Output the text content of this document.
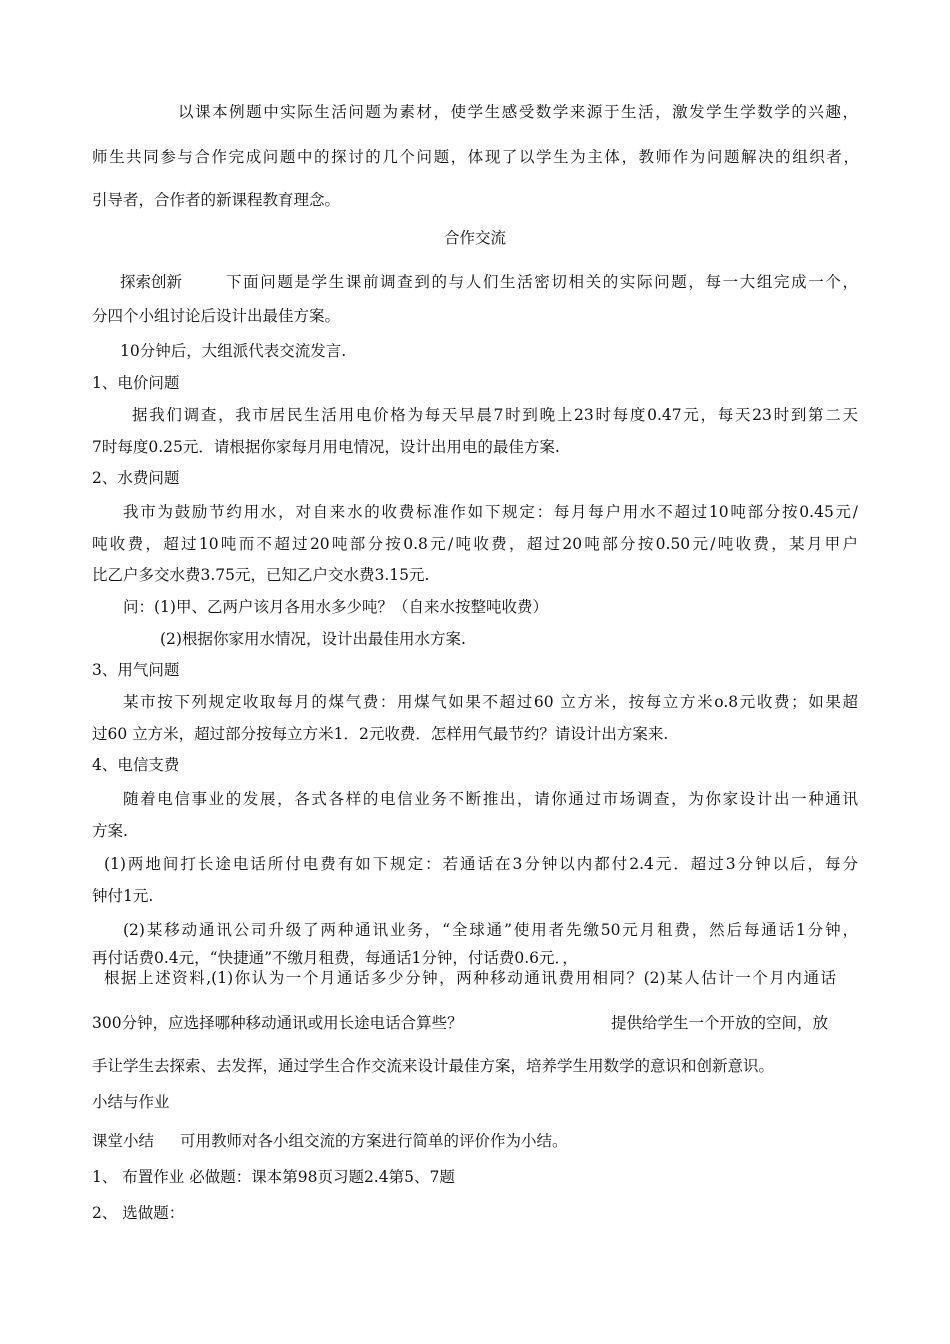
以课本例题中实际生活问题为素材，使学生感受数学来源于生活，激发学生学数学的兴趣，
师生共同参与合作完成问题中的探讨的几个问题，体现了以学生为主体，教师作为问题解决的组织者，
引导者，合作者的新课程教育理念。
合作交流
探索创新	下面问题是学生课前调查到的与人们生活密切相关的实际问题，每一大组完成一个，
分四个小组讨论后设计出最佳方案。
10分钟后，大组派代表交流发言.
1、电价问题
据我们调查，我市居民生活用电价格为每天早晨7时到晚上23时每度0.47元，每天23时到第二天
7时每度0.25元．请根据你家每月用电情况，设计出用电的最佳方案.
2、水费问题
我市为鼓励节约用水，对自来水的收费标准作如下规定：每月每户用水不超过10吨部分按0.45元/
吨收费，超过10吨而不超过20吨部分按0.8元/吨收费，超过20吨部分按0.50元/吨收费，某月甲户
比乙户多交水费3.75元，已知乙户交水费3.15元.
问：(1)甲、乙两户该月各用水多少吨？（自来水按整吨收费）
(2)根据你家用水情况，设计出最佳用水方案.
3、用气问题
某市按下列规定收取每月的煤气费：用煤气如果不超过60 立方米，按每立方米o.8元收费；如果超
过60 立方米，超过部分按每立方米1．2元收费．怎样用气最节约？请设计出方案来.
4、电信支费
随着电信事业的发展，各式各样的电信业务不断推出，请你通过市场调查，为你家设计出一种通讯
方案.
(1)两地间打长途电话所付电费有如下规定：若通话在3分钟以内都付2.4元．超过3分钟以后，每分
钟付1元.
(2)某移动通讯公司升级了两种通讯业务，“全球通”使用者先缴50元月租费，然后每通话1分钟，
再付话费0.4元，“快捷通”不缴月租费，每通话1分钟，付话费0.6元．，
根据上述资料,(1)你认为一个月通话多少分钟，两种移动通讯费用相同？(2)某人估计一个月内通话
300分钟，应选择哪种移动通讯或用长途电话合算些？	提供给学生一个开放的空间，放
手让学生去探索、去发挥，通过学生合作交流来设计最佳方案，培养学生用数学的意识和创新意识。
小结与作业
课堂小结 可用教师对各小组交流的方案进行简单的评价作为小结。
1、 布置作业 必做题：课本第98页习题2.4第5、7题
2、 选做题：
